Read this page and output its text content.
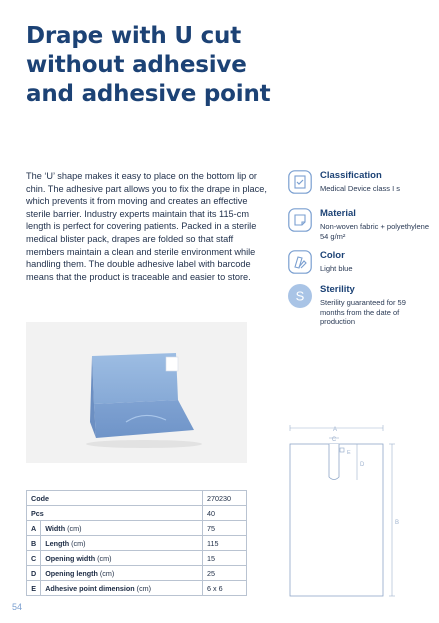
Drape with U cut
without adhesive
and adhesive point

The ‘U’ shape makes it easy to place on the bottom lip or chin. The adhesive part allows you to fix the drape in place, which prevents it from moving and creates an effective sterile barrier. Industry experts maintain that its 115-cm length is perfect for covering patients. Packed in a sterile medical blister pack, drapes are folded so that staff members maintain a clean and sterile environment while handling them. The double adhesive label with barcode means that the product is traceable and easier to store.

Classification
Medical Device class I s
Material
Non-woven fabric + polyethylene 54 g/m²
Color
Light blue
S Sterility
Sterility guaranteed for 59 months from the date of production
A
C
E
D
B
Code		270230
Pcs		40
A	Width (cm)	75
B	Length (cm)	115
C	Opening width (cm)	15
D	Opening length (cm)	25
E	Adhesive point dimension (cm)	6 x 6
54
